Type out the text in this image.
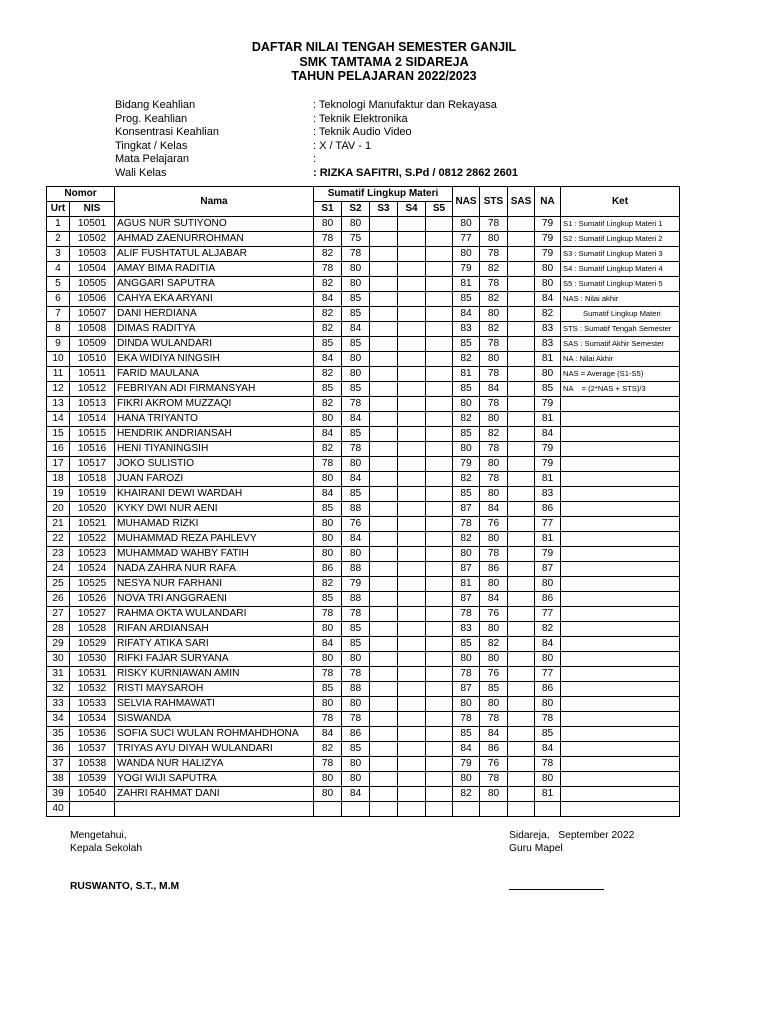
DAFTAR NILAI TENGAH SEMESTER GANJIL
SMK TAMTAMA 2 SIDAREJA
TAHUN PELAJARAN 2022/2023
Bidang Keahlian	: Teknologi Manufaktur dan Rekayasa
Prog. Keahlian	: Teknik Elektronika
Konsentrasi Keahlian	: Teknik Audio Video
Tingkat / Kelas	: X / TAV - 1
Mata Pelajaran	:
Wali Kelas	: RIZKA SAFITRI, S.Pd / 0812 2862 2601
Nomor		Nama	Sumatif Lingkup Materi					NAS	STS	SAS	NA	Ket
Urt	NIS		S1	S2	S3	S4	S5					
1	10501	AGUS NUR SUTIYONO	80	80				80	78		79	S1 : Sumatif Lingkup Materi 1
2	10502	AHMAD ZAENURROHMAN	78	75				77	80		79	S2 : Sumatif Lingkup Materi 2
3	10503	ALIF FUSHTATUL ALJABAR	82	78				80	78		79	S3 : Sumatif Lingkup Materi 3
4	10504	AMAY BIMA RADITIA	78	80				79	82		80	S4 : Sumatif Lingkup Materi 4
5	10505	ANGGARI SAPUTRA	82	80				81	78		80	S5 : Sumatif Lingkup Materi 5
6	10506	CAHYA EKA ARYANI	84	85				85	82		84	NAS : Nilai akhir
7	10507	DANI HERDIANA	82	85				84	80		82	Sumatif Lingkup Materi
8	10508	DIMAS RADITYA	82	84				83	82		83	STS : Sumatif Tengah Semester
9	10509	DINDA WULANDARI	85	85				85	78		83	SAS : Sumatif Akhir Semester
10	10510	EKA WIDIYA NINGSIH	84	80				82	80		81	NA : Nilai Akhir
11	10511	FARID MAULANA	82	80				81	78		80	NAS = Average (S1-S5)
12	10512	FEBRIYAN ADI FIRMANSYAH	85	85				85	84		85	NA    = (2*NAS + STS)/3
13	10513	FIKRI AKROM MUZZAQI	82	78				80	78		79	
14	10514	HANA TRIYANTO	80	84				82	80		81	
15	10515	HENDRIK ANDRIANSAH	84	85				85	82		84	
16	10516	HENI TIYANINGSIH	82	78				80	78		79	
17	10517	JOKO SULISTIO	78	80				79	80		79	
18	10518	JUAN FAROZI	80	84				82	78		81	
19	10519	KHAIRANI DEWI WARDAH	84	85				85	80		83	
20	10520	KYKY DWI NUR AENI	85	88				87	84		86	
21	10521	MUHAMAD RIZKI	80	76				78	76		77	
22	10522	MUHAMMAD REZA PAHLEVY	80	84				82	80		81	
23	10523	MUHAMMAD WAHBY FATIH	80	80				80	78		79	
24	10524	NADA ZAHRA NUR RAFA	86	88				87	86		87	
25	10525	NESYA NUR FARHANI	82	79				81	80		80	
26	10526	NOVA TRI ANGGRAENI	85	88				87	84		86	
27	10527	RAHMA OKTA WULANDARI	78	78				78	76		77	
28	10528	RIFAN ARDIANSAH	80	85				83	80		82	
29	10529	RIFATY ATIKA SARI	84	85				85	82		84	
30	10530	RIFKI FAJAR SURYANA	80	80				80	80		80	
31	10531	RISKY KURNIAWAN AMIN	78	78				78	76		77	
32	10532	RISTI MAYSAROH	85	88				87	85		86	
33	10533	SELVIA RAHMAWATI	80	80				80	80		80	
34	10534	SISWANDA	78	78				78	78		78	
35	10536	SOFIA SUCI WULAN ROHMAHDHONA	84	86				85	84		85	
36	10537	TRIYAS AYU DIYAH WULANDARI	82	85				84	86		84	
37	10538	WANDA NUR HALIZYA	78	80				79	76		78	
38	10539	YOGI WIJI SAPUTRA	80	80				80	78		80	
39	10540	ZAHRI RAHMAT DANI	80	84				82	80		81	
40												
Mengetahui,
Kepala Sekolah
Sidareja,   September 2022
Guru Mapel
RUSWANTO, S.T., M.M
